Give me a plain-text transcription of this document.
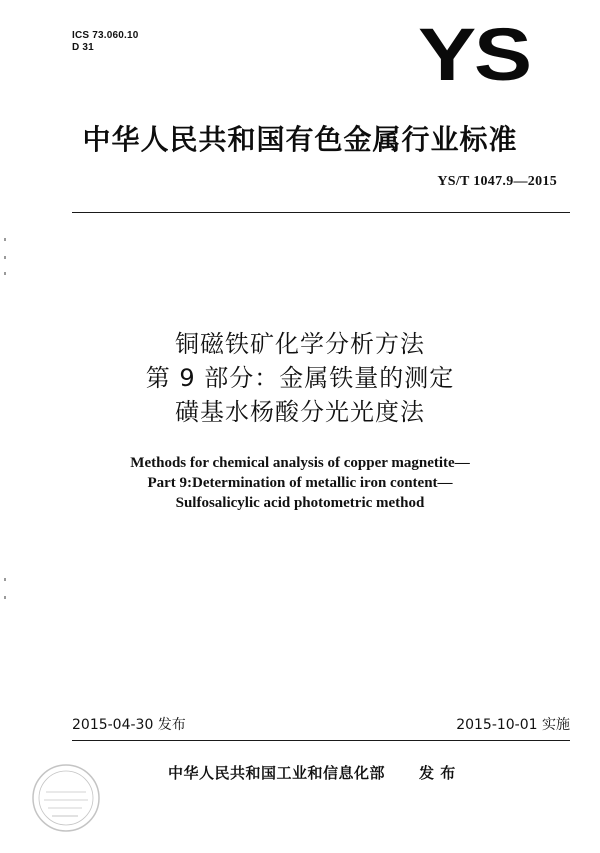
ICS 73.060.10
D 31	YS
中华人民共和国有色金属行业标准
YS/T 1047.9—2015
铜磁铁矿化学分析方法
第 9 部分：金属铁量的测定
磺基水杨酸分光光度法
Methods for chemical analysis of copper magnetite—
Part 9:Determination of metallic iron content—
Sulfosalicylic acid photometric method
2015-04-30 发布	2015-10-01 实施
中华人民共和国工业和信息化部 发 布
